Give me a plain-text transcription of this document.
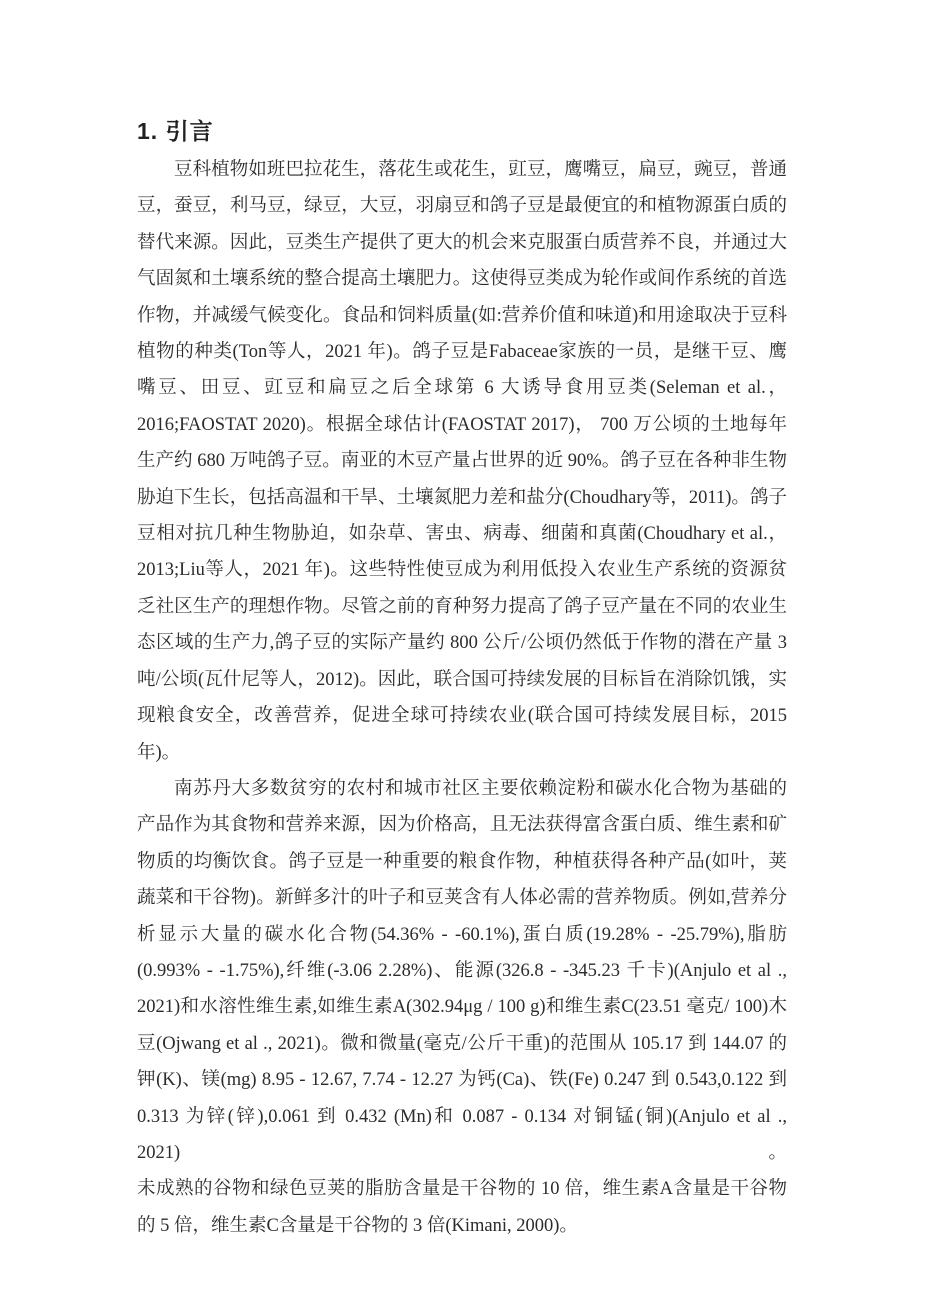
1. 引言

豆科植物如班巴拉花生，落花生或花生，豇豆，鹰嘴豆，扁豆，豌豆，普通
豆，蚕豆，利马豆，绿豆，大豆，羽扇豆和鸽子豆是最便宜的和植物源蛋白质的
替代来源。因此，豆类生产提供了更大的机会来克服蛋白质营养不良，并通过大
气固氮和土壤系统的整合提高土壤肥力。这使得豆类成为轮作或间作系统的首选
作物，并减缓气候变化。食品和饲料质量(如:营养价值和味道)和用途取决于豆科
植物的种类(Ton等人，2021 年)。鸽子豆是Fabaceae家族的一员，是继干豆、鹰
嘴豆、田豆、豇豆和扁豆之后全球第 6 大诱导食用豆类(Seleman et al.，
2016;FAOSTAT 2020)。根据全球估计(FAOSTAT 2017)， 700 万公顷的土地每年
生产约 680 万吨鸽子豆。南亚的木豆产量占世界的近 90%。鸽子豆在各种非生物
胁迫下生长，包括高温和干旱、土壤氮肥力差和盐分(Choudhary等，2011)。鸽子
豆相对抗几种生物胁迫，如杂草、害虫、病毒、细菌和真菌(Choudhary et al.，
2013;Liu等人，2021 年)。这些特性使豆成为利用低投入农业生产系统的资源贫
乏社区生产的理想作物。尽管之前的育种努力提高了鸽子豆产量在不同的农业生
态区域的生产力,鸽子豆的实际产量约 800 公斤/公顷仍然低于作物的潜在产量 3
吨/公顷(瓦什尼等人，2012)。因此，联合国可持续发展的目标旨在消除饥饿，实
现粮食安全，改善营养，促进全球可持续农业(联合国可持续发展目标，2015 年)。

南苏丹大多数贫穷的农村和城市社区主要依赖淀粉和碳水化合物为基础的
产品作为其食物和营养来源，因为价格高，且无法获得富含蛋白质、维生素和矿
物质的均衡饮食。鸽子豆是一种重要的粮食作物，种植获得各种产品(如叶，荚
蔬菜和干谷物)。新鲜多汁的叶子和豆荚含有人体必需的营养物质。例如,营养分
析显示大量的碳水化合物(54.36% - -60.1%),蛋白质(19.28% - -25.79%),脂肪
(0.993% - -1.75%),纤维(-3.06 2.28%)、能源(326.8 - -345.23 千卡)(Anjulo et al .,
2021)和水溶性维生素,如维生素A(302.94μg / 100 g)和维生素C(23.51 毫克/ 100)木
豆(Ojwang et al ., 2021)。微和微量(毫克/公斤干重)的范围从 105.17 到 144.07 的
钾(K)、镁(mg) 8.95 - 12.67, 7.74 - 12.27 为钙(Ca)、铁(Fe) 0.247 到 0.543,0.122 到
0.313 为锌(锌),0.061 到 0.432 (Mn)和 0.087 - 0.134 对铜锰(铜)(Anjulo et al ., 2021)。
未成熟的谷物和绿色豆荚的脂肪含量是干谷物的 10 倍，维生素A含量是干谷物
的 5 倍，维生素C含量是干谷物的 3 倍(Kimani, 2000)。
